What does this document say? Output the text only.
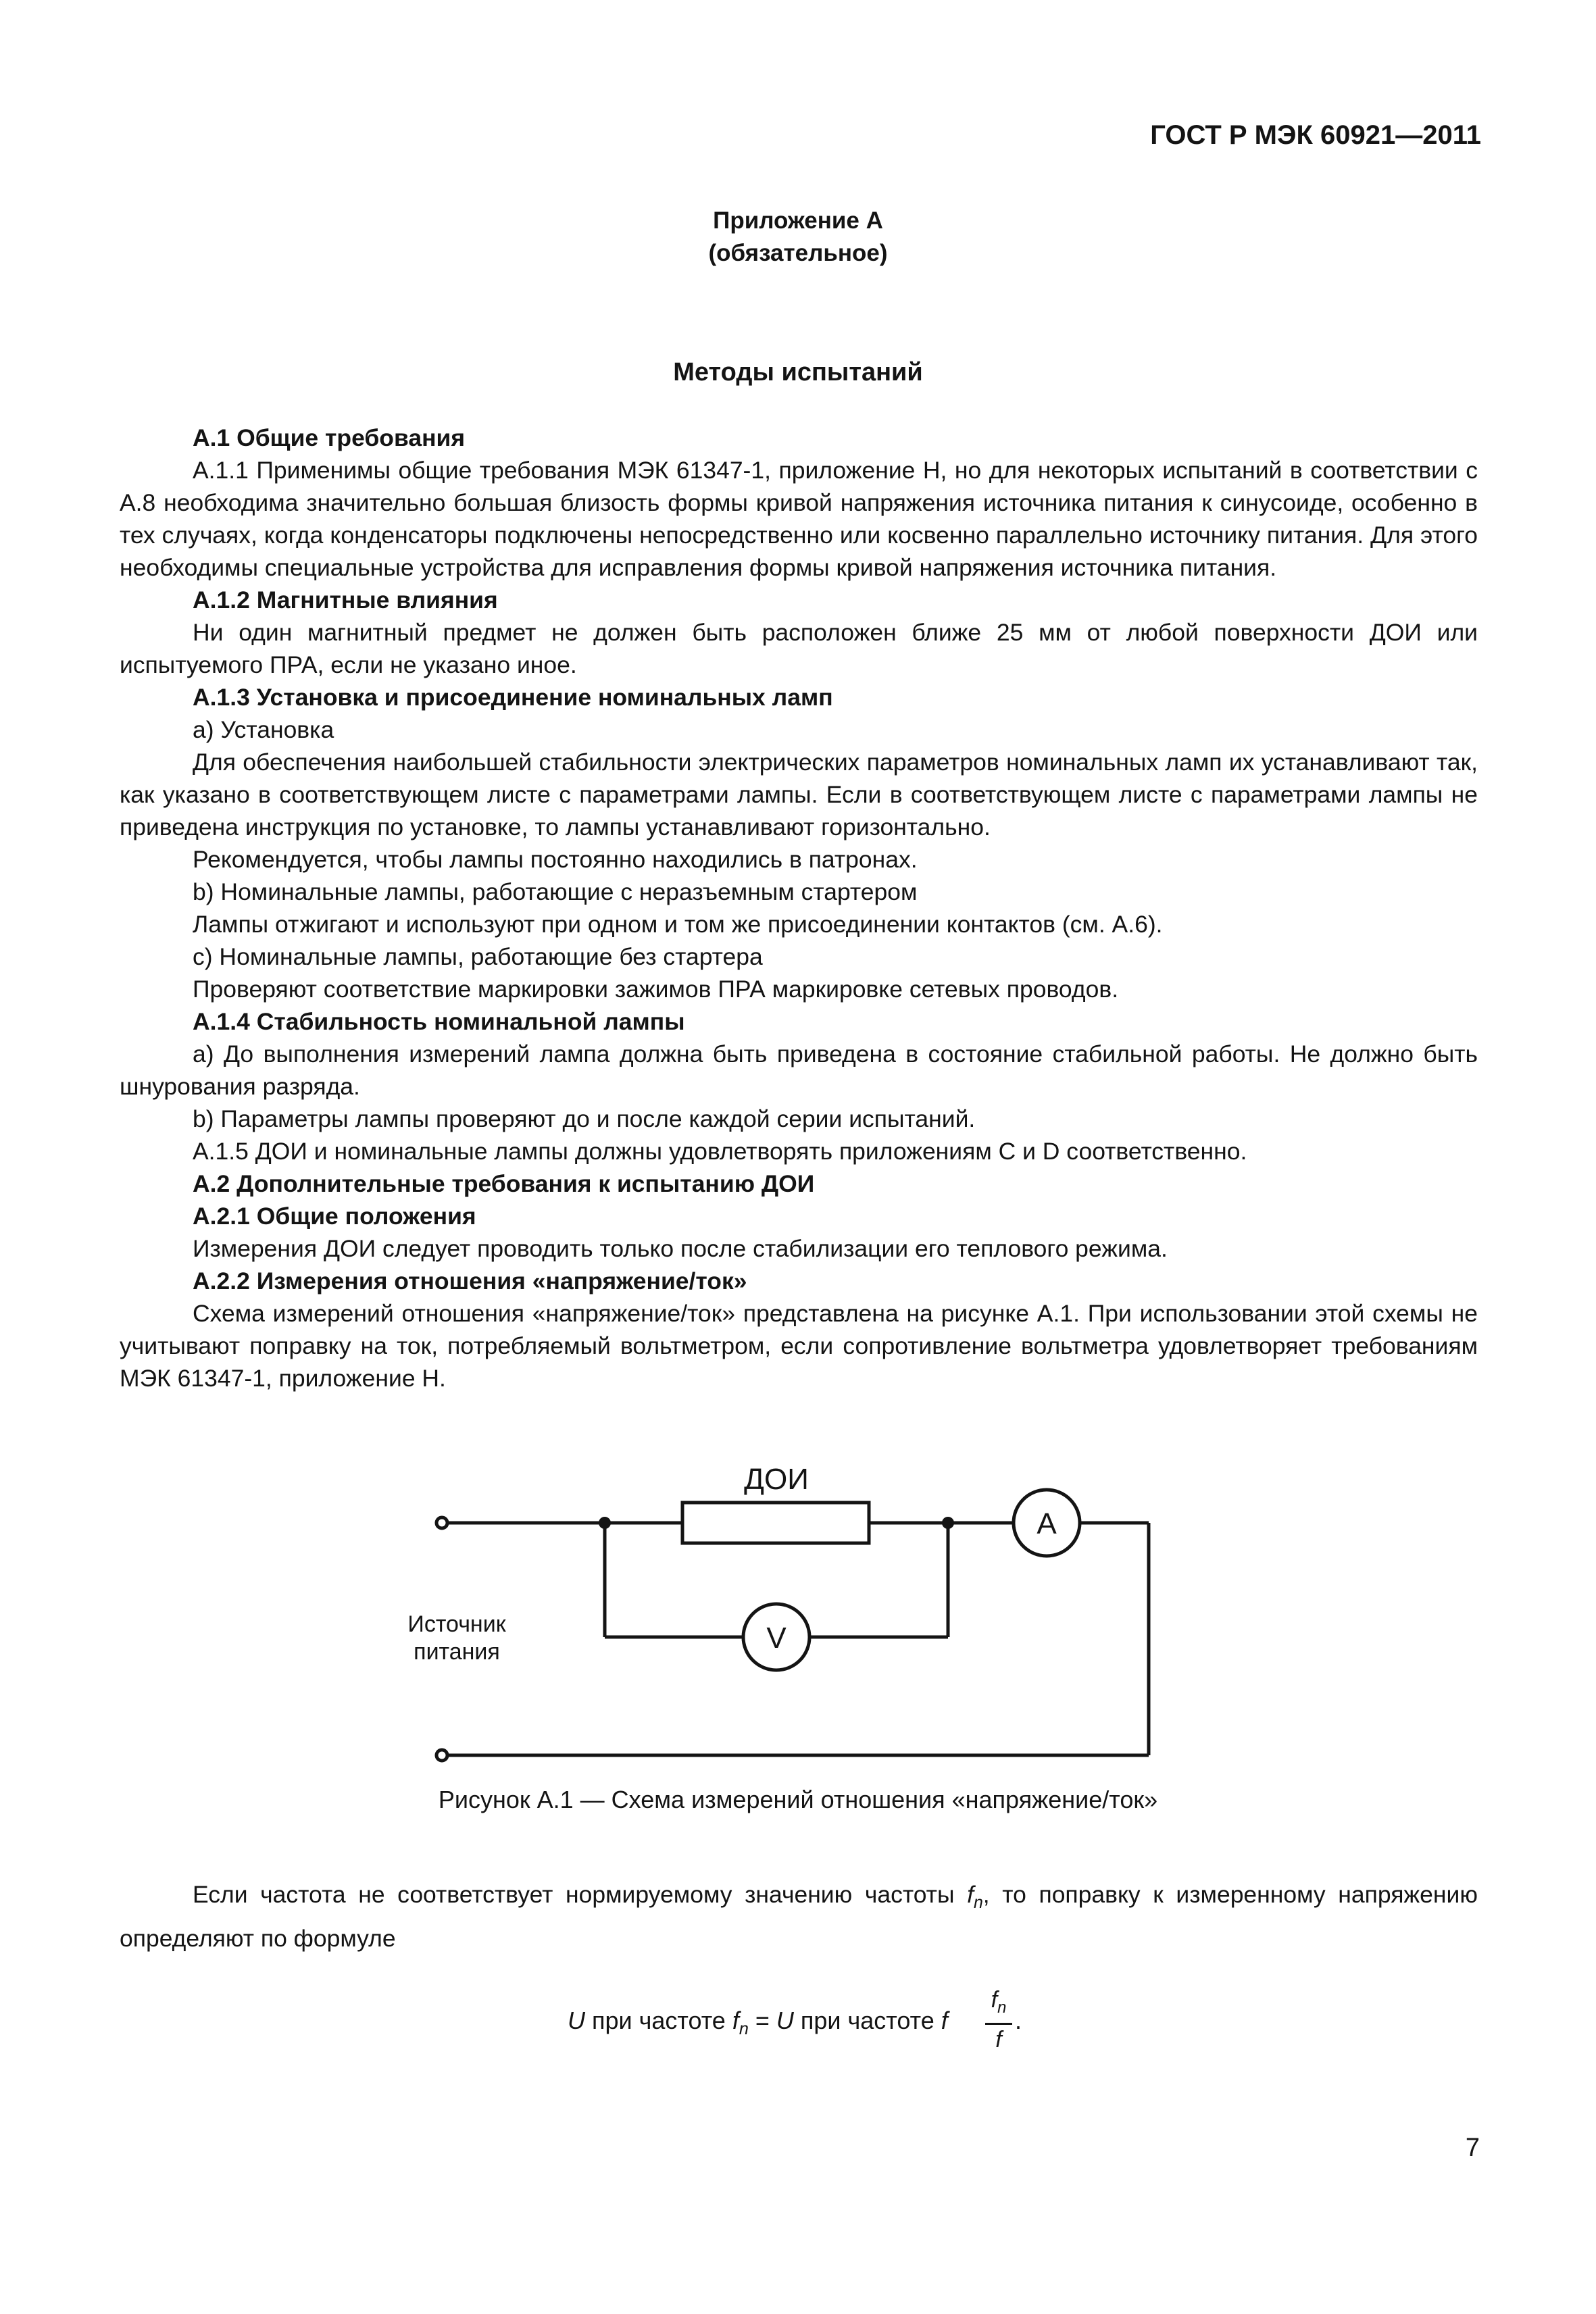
ГОСТ Р МЭК 60921—2011
Приложение А
(обязательное)
Методы испытаний

А.1 Общие требования

А.1.1 Применимы общие требования МЭК 61347-1, приложение Н, но для некоторых испытаний в соответствии с А.8 необходима значительно большая близость формы кривой напряжения источника питания к синусоиде, особенно в тех случаях, когда конденсаторы подключены непосредственно или косвенно параллельно источнику питания. Для этого необходимы специальные устройства для исправления формы кривой напряжения источника питания.

А.1.2 Магнитные влияния

Ни один магнитный предмет не должен быть расположен ближе 25 мм от любой поверхности ДОИ или испытуемого ПРА, если не указано иное.

А.1.3 Установка и присоединение номинальных ламп

a) Установка

Для обеспечения наибольшей стабильности электрических параметров номинальных ламп их устанавливают так, как указано в соответствующем листе с параметрами лампы. Если в соответствующем листе с параметрами лампы не приведена инструкция по установке, то лампы устанавливают горизонтально.

Рекомендуется, чтобы лампы постоянно находились в патронах.

b) Номинальные лампы, работающие с неразъемным стартером

Лампы отжигают и используют при одном и том же присоединении контактов (см. А.6).

c) Номинальные лампы, работающие без стартера

Проверяют соответствие маркировки зажимов ПРА маркировке сетевых проводов.

А.1.4 Стабильность номинальной лампы

a) До выполнения измерений лампа должна быть приведена в состояние стабильной работы. Не должно быть шнурования разряда.

b) Параметры лампы проверяют до и после каждой серии испытаний.

А.1.5 ДОИ и номинальные лампы должны удовлетворять приложениям С и D соответственно.

А.2 Дополнительные требования к испытанию ДОИ

А.2.1 Общие положения

Измерения ДОИ следует проводить только после стабилизации его теплового режима.

А.2.2 Измерения отношения «напряжение/ток»

Схема измерений отношения «напряжение/ток» представлена на рисунке А.1. При использовании этой схемы не учитывают поправку на ток, потребляемый вольтметром, если сопротивление вольтметра удовлетворяет требованиям МЭК 61347-1, приложение Н.

ДОИ
A
V
Источник
питания
Рисунок А.1 — Схема измерений отношения «напряжение/ток»

Если частота не соответствует нормируемому значению частоты $f_n$, то поправку к измеренному напряжению определяют по формуле

U при частоте $f_n = U$ при частоте f
$f_n$
f
.
7
